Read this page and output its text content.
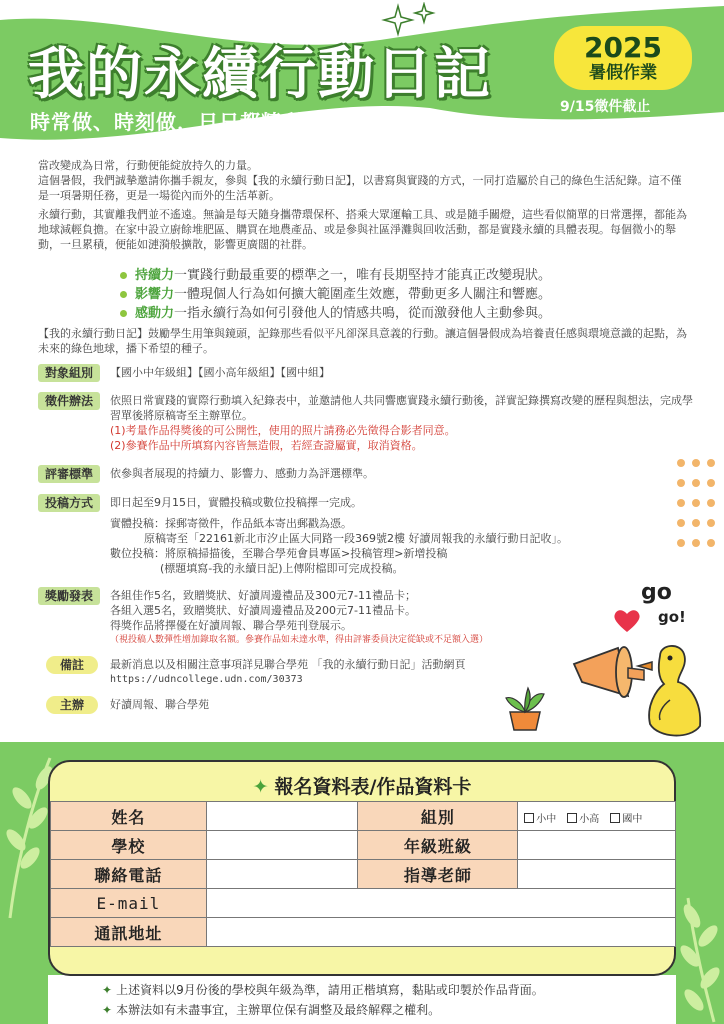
我的永續行動日記
時常做、時刻做，日日都精彩
2025
暑假作業
9/15徵件截止

當改變成為日常，行動便能綻放持久的力量。
這個暑假，我們誠摯邀請你攜手親友，參與【我的永續行動日記】，以書寫與實踐的方式，一同打造屬於自己的綠色生活紀錄。這不僅是一項暑期任務，更是一場從內而外的生活革新。

永續行動，其實離我們並不遙遠。無論是每天隨身攜帶環保杯、搭乘大眾運輸工具、或是隨手關燈，這些看似簡單的日常選擇，都能為地球減輕負擔。在家中設立廚餘堆肥區、購買在地農產品、或是參與社區淨灘與回收活動，都是實踐永續的具體表現。每個微小的舉動，一旦累積，便能如漣漪般擴散，影響更廣闊的社群。

持續力一實踐行動最重要的標準之一，唯有長期堅持才能真正改變現狀。
影響力一體現個人行為如何擴大範圍產生效應，帶動更多人關注和響應。
感動力一指永續行為如何引發他人的情感共鳴，從而激發他人主動參與。
【我的永續行動日記】鼓勵學生用筆與鏡頭，記錄那些看似平凡卻深具意義的行動。讓這個暑假成為培養責任感與環境意識的起點，為未來的綠色地球，播下希望的種子。
對象組別	【國小中年級組】【國小高年級組】【國中組】
徵件辦法	依照日常實踐的實際行動填入紀錄表中，並邀請他人共同響應實踐永續行動後，詳實記錄撰寫改變的歷程與想法，完成學習單後將原稿寄至主辦單位。
(1)考量作品得獎後的可公開性，使用的照片請務必先徵得合影者同意。
(2)參賽作品中所填寫內容皆無造假，若經查證屬實，取消資格。
評審標準	依參與者展現的持續力、影響力、感動力為評選標準。
投稿方式	即日起至9月15日，實體投稿或數位投稿擇一完成。
實體投稿：採郵寄徵件，作品紙本寄出郵戳為憑。
原稿寄至「22161新北市汐止區大同路一段369號2樓 好讀周報我的永續行動日記收」。
數位投稿：將原稿掃描後，至聯合學苑會員專區>投稿管理>新增投稿
(標題填寫-我的永續日記)上傳附檔即可完成投稿。
獎勵發表	各組佳作5名，致贈獎狀、好讀周邊禮品及300元7-11禮品卡；
各組入選5名，致贈獎狀、好讀周邊禮品及200元7-11禮品卡。
得獎作品將擇優在好讀周報、聯合學苑刊登展示。
（視投稿人數彈性增加錄取名額。參賽作品如未達水準，得由評審委員決定從缺或不足額入選）
備註	最新消息以及相關注意事項詳見聯合學苑 「我的永續行動日記」活動網頁
https://udncollege.udn.com/30373
主辦	好讀周報、聯合學苑
go
go!
✦ 報名資料表/作品資料卡
姓名		組別	小中 小高 國中
學校		年級班級	
聯絡電話		指導老師	
E-mail			
通訊地址			
✦ 上述資料以9月份後的學校與年級為準，請用正楷填寫，黏貼或印製於作品背面。
✦ 本辦法如有未盡事宜，主辦單位保有調整及最終解釋之權利。
